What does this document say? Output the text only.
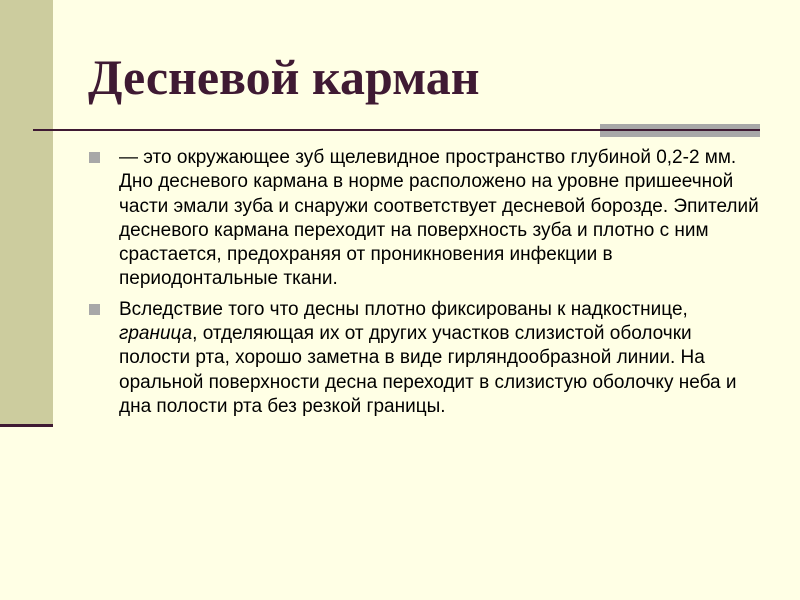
Десневой карман
— это окружающее зуб щелевидное пространство глубиной 0,2-2 мм. Дно десневого кармана в норме расположено на уровне пришеечной части эмали зуба и снаружи соответствует десневой борозде. Эпителий десневого кармана переходит на поверхность зуба и плотно с ним срастается, предохраняя от проникновения инфекции в периодонтальные ткани.
Вследствие того что десны плотно фиксированы к надкостнице, граница, отделяющая их от других участков слизистой оболочки полости рта, хорошо заметна в виде гирляндообразной линии. На оральной поверхности десна переходит в слизистую оболочку неба и дна полости рта без резкой границы.
